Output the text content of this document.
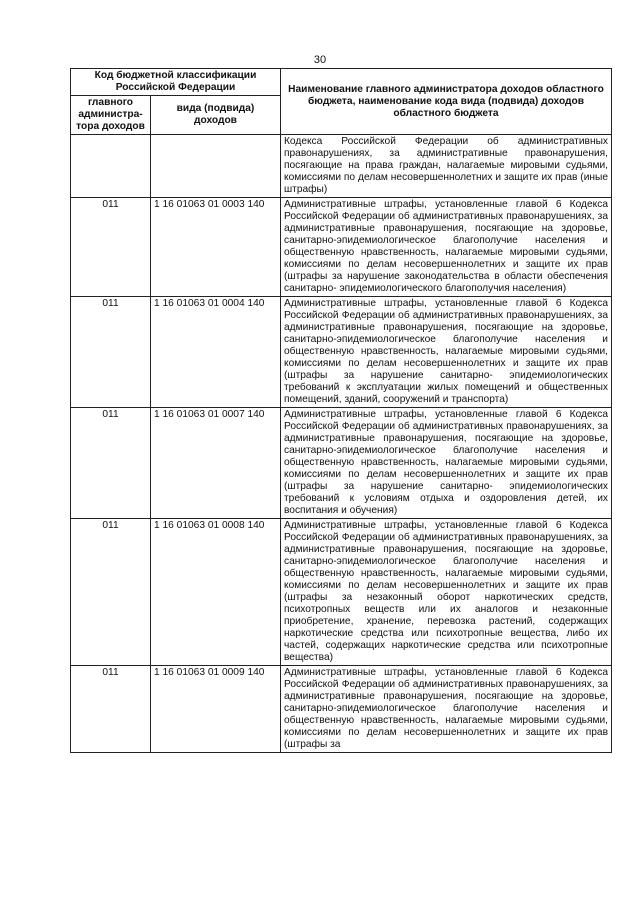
30
Код бюджетной классификации Российской Федерации		Наименование главного администратора доходов областного бюджета, наименование кода вида (подвида) доходов областного бюджета
главного администра-тора доходов	вида (подвида) доходов	
		Кодекса Российской Федерации об административных правонарушениях, за административные правонарушения, посягающие на права граждан, налагаемые мировыми судьями, комиссиями по делам несовершеннолетних и защите их прав (иные штрафы)
011	1 16 01063 01 0003 140	Административные штрафы, установленные главой 6 Кодекса Российской Федерации об административных правонарушениях, за административные правонарушения, посягающие на здоровье, санитарно-эпидемиологическое благополучие населения и общественную нравственность, налагаемые мировыми судьями, комиссиями по делам несовершеннолетних и защите их прав (штрафы за нарушение законодательства в области обеспечения санитарно- эпидемиологического благополучия населения)
011	1 16 01063 01 0004 140	Административные штрафы, установленные главой 6 Кодекса Российской Федерации об административных правонарушениях, за административные правонарушения, посягающие на здоровье, санитарно-эпидемиологическое благополучие населения и общественную нравственность, налагаемые мировыми судьями, комиссиями по делам несовершеннолетних и защите их прав (штрафы за нарушение санитарно- эпидемиологических требований к эксплуатации жилых помещений и общественных помещений, зданий, сооружений и транспорта)
011	1 16 01063 01 0007 140	Административные штрафы, установленные главой 6 Кодекса Российской Федерации об административных правонарушениях, за административные правонарушения, посягающие на здоровье, санитарно-эпидемиологическое благополучие населения и общественную нравственность, налагаемые мировыми судьями, комиссиями по делам несовершеннолетних и защите их прав (штрафы за нарушение санитарно- эпидемиологических требований к условиям отдыха и оздоровления детей, их воспитания и обучения)
011	1 16 01063 01 0008 140	Административные штрафы, установленные главой 6 Кодекса Российской Федерации об административных правонарушениях, за административные правонарушения, посягающие на здоровье, санитарно-эпидемиологическое благополучие населения и общественную нравственность, налагаемые мировыми судьями, комиссиями по делам несовершеннолетних и защите их прав (штрафы за незаконный оборот наркотических средств, психотропных веществ или их аналогов и незаконные приобретение, хранение, перевозка растений, содержащих наркотические средства или психотропные вещества, либо их частей, содержащих наркотические средства или психотропные вещества)
011	1 16 01063 01 0009 140	Административные штрафы, установленные главой 6 Кодекса Российской Федерации об административных правонарушениях, за административные правонарушения, посягающие на здоровье, санитарно-эпидемиологическое благополучие населения и общественную нравственность, налагаемые мировыми судьями, комиссиями по делам несовершеннолетних и защите их прав (штрафы за
